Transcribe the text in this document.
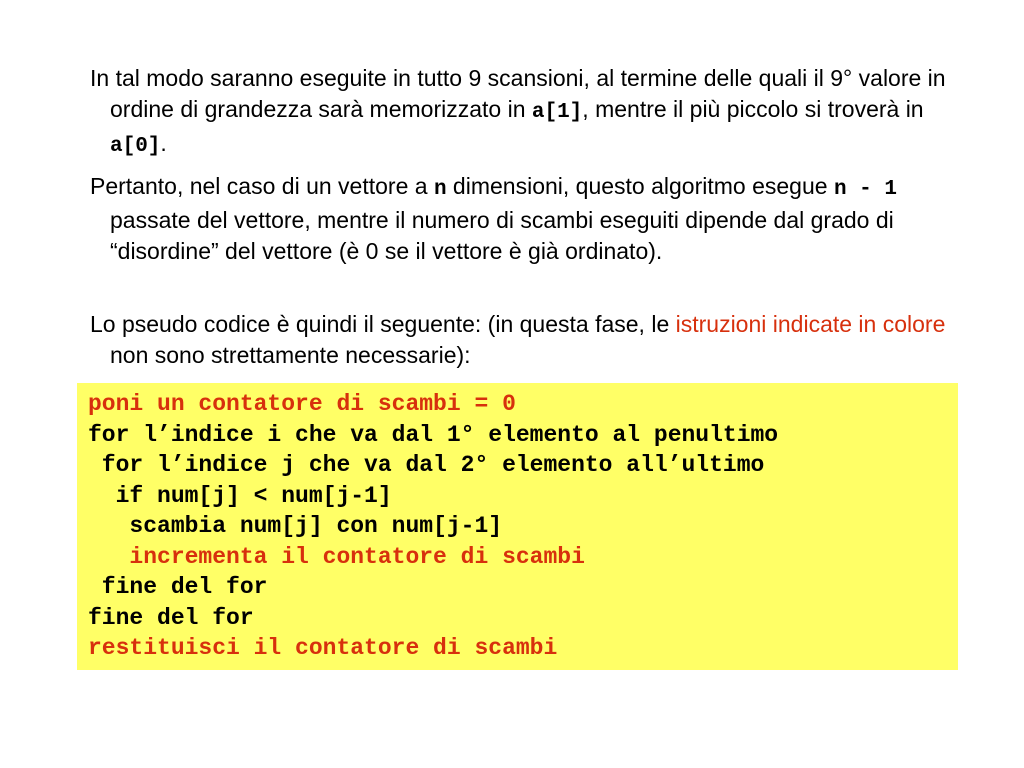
In tal modo saranno eseguite in tutto 9 scansioni, al termine delle quali il 9° valore in ordine di grandezza sarà memorizzato in a[1], mentre il più piccolo si troverà in a[0].

Pertanto, nel caso di un vettore a n dimensioni, questo algoritmo esegue n - 1 passate del vettore, mentre il numero di scambi eseguiti dipende dal grado di “disordine” del vettore (è 0 se il vettore è già ordinato).

Lo pseudo codice è quindi il seguente: (in questa fase, le istruzioni indicate in colore non sono strettamente necessarie):

poni un contatore di scambi = 0

for l’indice i che va dal 1° elemento al penultimo

for l’indice j che va dal 2° elemento all’ultimo

if num[j] < num[j-1]

scambia num[j] con num[j-1]

incrementa il contatore di scambi

fine del for

fine del for

restituisci il contatore di scambi
